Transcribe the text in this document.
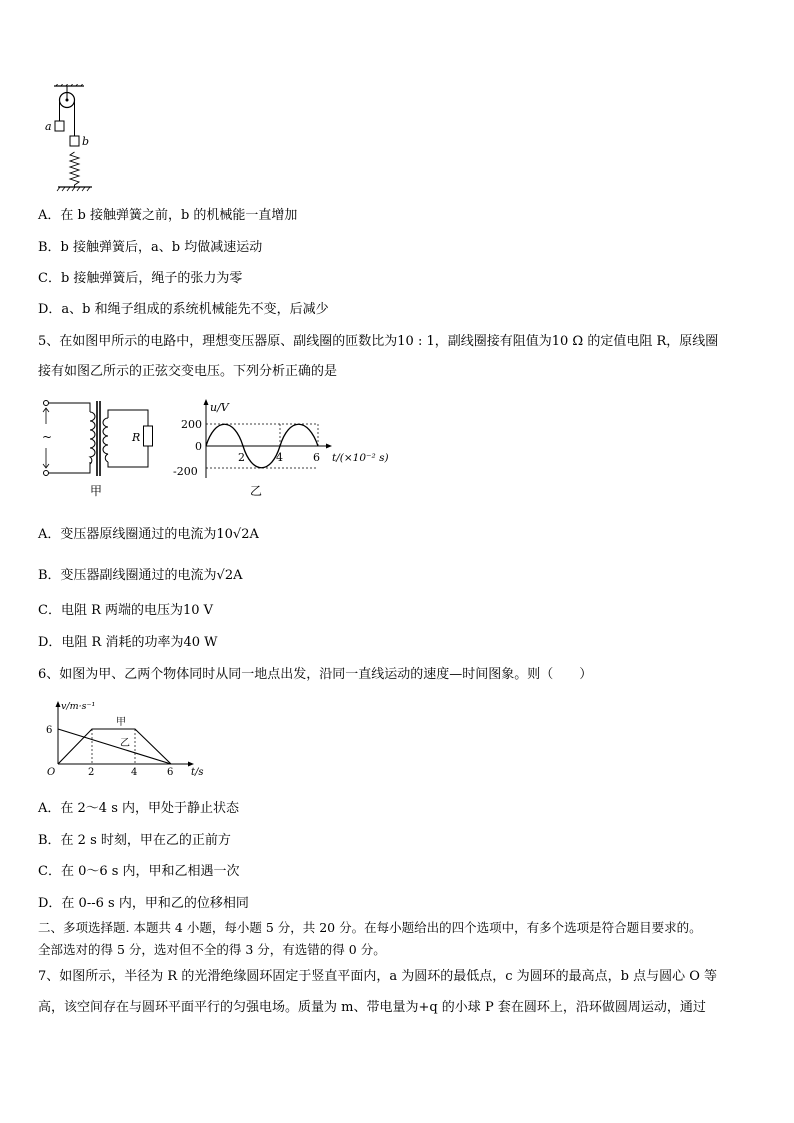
a
b
A．在 b 接触弹簧之前，b 的机械能一直增加
B．b 接触弹簧后，a、b 均做减速运动
C．b 接触弹簧后，绳子的张力为零
D．a、b 和绳子组成的系统机械能先不变，后减少
5、在如图甲所示的电路中，理想变压器原、副线圈的匝数比为10 : 1，副线圈接有阻值为10 Ω 的定值电阻 R，原线圈
接有如图乙所示的正弦交变电压。下列分析正确的是
~	R
甲
u/V
200
0
-200
2	4	6 t/(×10⁻² s)
乙
A．变压器原线圈通过的电流为10√2A
B．变压器副线圈通过的电流为√2A
C．电阻 R 两端的电压为10 V
D．电阻 R 消耗的功率为40 W
6、如图为甲、乙两个物体同时从同一地点出发，沿同一直线运动的速度—时间图象。则（　　）
v/m·s⁻¹
6
O	2	4	6 t/s
甲
乙
A．在 2～4 s 内，甲处于静止状态
B．在 2 s 时刻，甲在乙的正前方
C．在 0～6 s 内，甲和乙相遇一次
D．在 0--6 s 内，甲和乙的位移相同
二、多项选择题. 本题共 4 小题，每小题 5 分，共 20 分。在每小题给出的四个选项中，有多个选项是符合题目要求的。
全部选对的得 5 分，选对但不全的得 3 分，有选错的得 0 分。
7、如图所示，半径为 R 的光滑绝缘圆环固定于竖直平面内，a 为圆环的最低点，c 为圆环的最高点，b 点与圆心 O 等
高，该空间存在与圆环平面平行的匀强电场。质量为 m、带电量为+q 的小球 P 套在圆环上，沿环做圆周运动，通过
